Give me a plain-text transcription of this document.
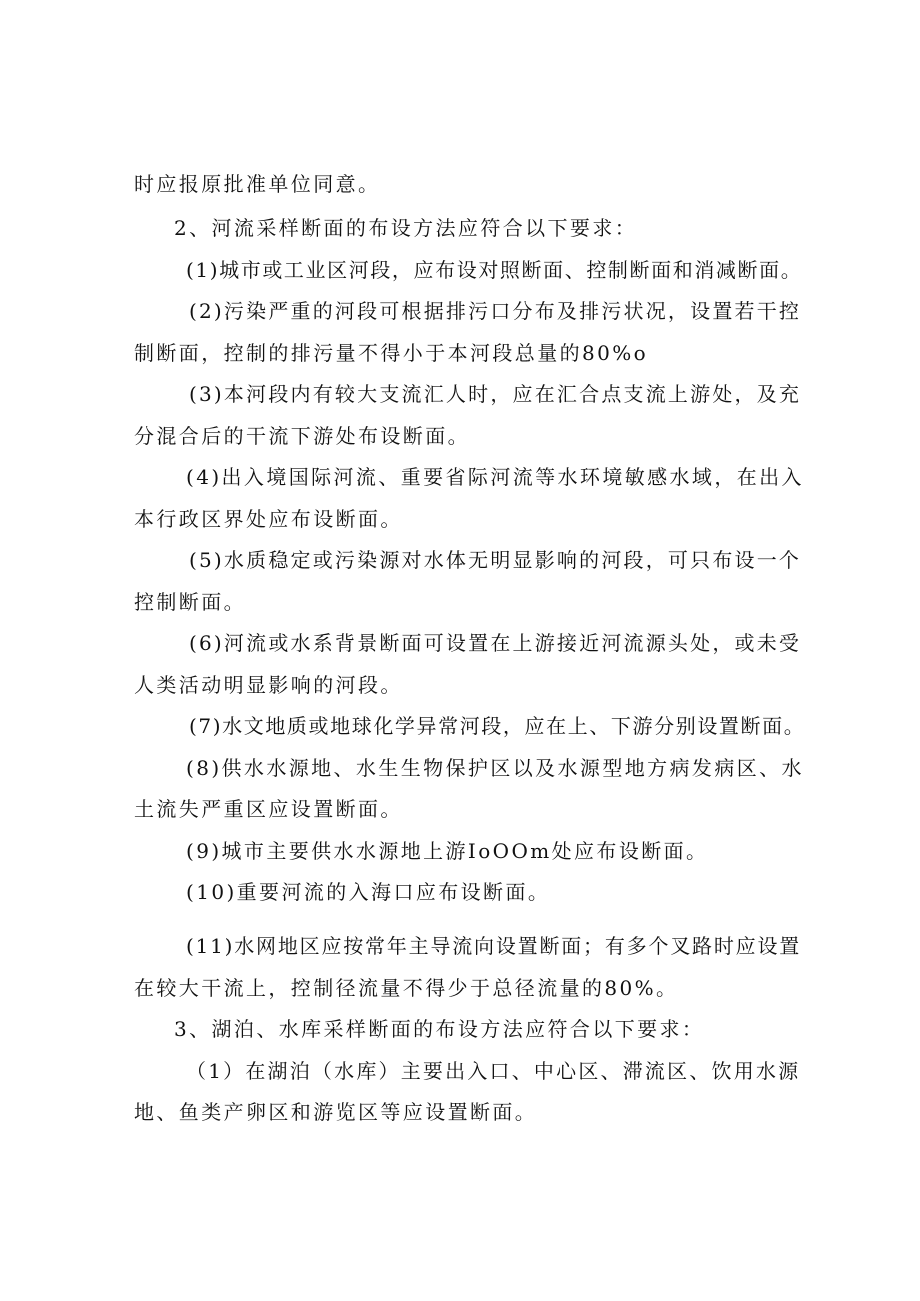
时应报原批准单位同意。
2、河流采样断面的布设方法应符合以下要求：
(1)城市或工业区河段，应布设对照断面、控制断面和消减断面。
(2)污染严重的河段可根据排污口分布及排污状况，设置若干控
制断面，控制的排污量不得小于本河段总量的80%o
(3)本河段内有较大支流汇人时，应在汇合点支流上游处，及充
分混合后的干流下游处布设断面。
(4)出入境国际河流、重要省际河流等水环境敏感水域，在出入
本行政区界处应布设断面。
(5)水质稳定或污染源对水体无明显影响的河段，可只布设一个
控制断面。
(6)河流或水系背景断面可设置在上游接近河流源头处，或未受
人类活动明显影响的河段。
(7)水文地质或地球化学异常河段，应在上、下游分别设置断面。
(8)供水水源地、水生生物保护区以及水源型地方病发病区、水
土流失严重区应设置断面。
(9)城市主要供水水源地上游IoOOm处应布设断面。
(10)重要河流的入海口应布设断面。
(11)水网地区应按常年主导流向设置断面；有多个叉路时应设置
在较大干流上，控制径流量不得少于总径流量的80%。
3、湖泊、水库采样断面的布设方法应符合以下要求：
（1）在湖泊（水库）主要出入口、中心区、滞流区、饮用水源
地、鱼类产卵区和游览区等应设置断面。
